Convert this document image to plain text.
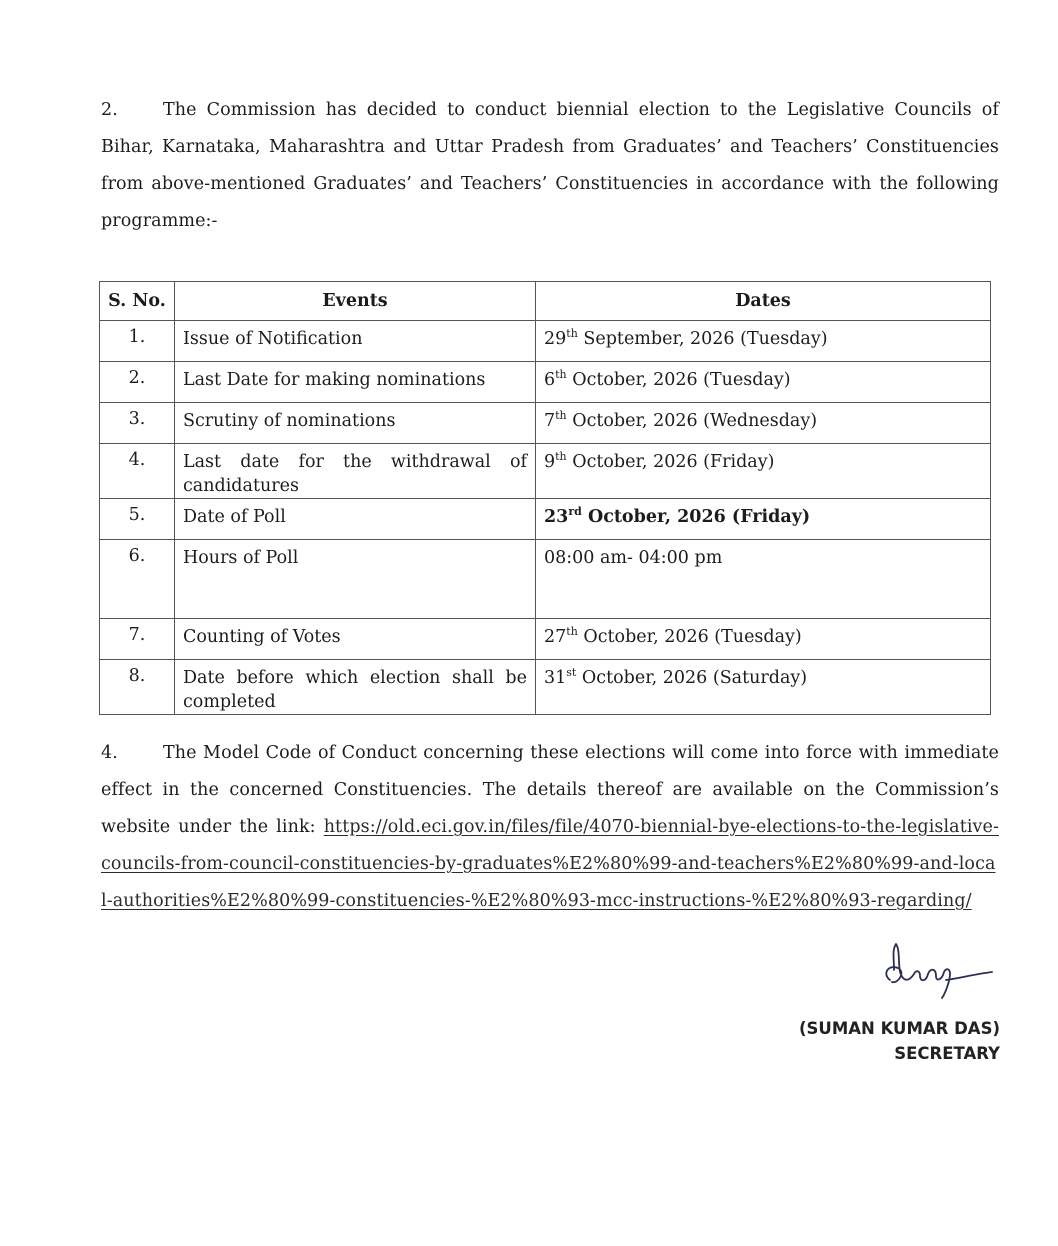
2.	The Commission has decided to conduct biennial election to the Legislative Councils of Bihar, Karnataka, Maharashtra and Uttar Pradesh from Graduates’ and Teachers’ Constituencies from above-mentioned Graduates’ and Teachers’ Constituencies in accordance with the following programme:-
S. No.	Events	Dates
1.	Issue of Notification	29th September, 2026 (Tuesday)
2.	Last Date for making nominations	6th October, 2026 (Tuesday)
3.	Scrutiny of nominations	7th October, 2026 (Wednesday)
4.	Last date for the withdrawal of candidatures	9th October, 2026 (Friday)
5.	Date of Poll	23rd October, 2026 (Friday)
6.	Hours of Poll	08:00 am- 04:00 pm
7.	Counting of Votes	27th October, 2026 (Tuesday)
8.	Date before which election shall be completed	31st October, 2026 (Saturday)
4.	The Model Code of Conduct concerning these elections will come into force with immediate effect in the concerned Constituencies. The details thereof are available on the Commission’s website under the link: https://old.eci.gov.in/files/file/4070-biennial-bye-elections-to-the-legislative-councils-from-council-constituencies-by-graduates%E2%80%99-and-teachers%E2%80%99-and-local-authorities%E2%80%99-constituencies-%E2%80%93-mcc-instructions-%E2%80%93-regarding/
(SUMAN KUMAR DAS)
SECRETARY
